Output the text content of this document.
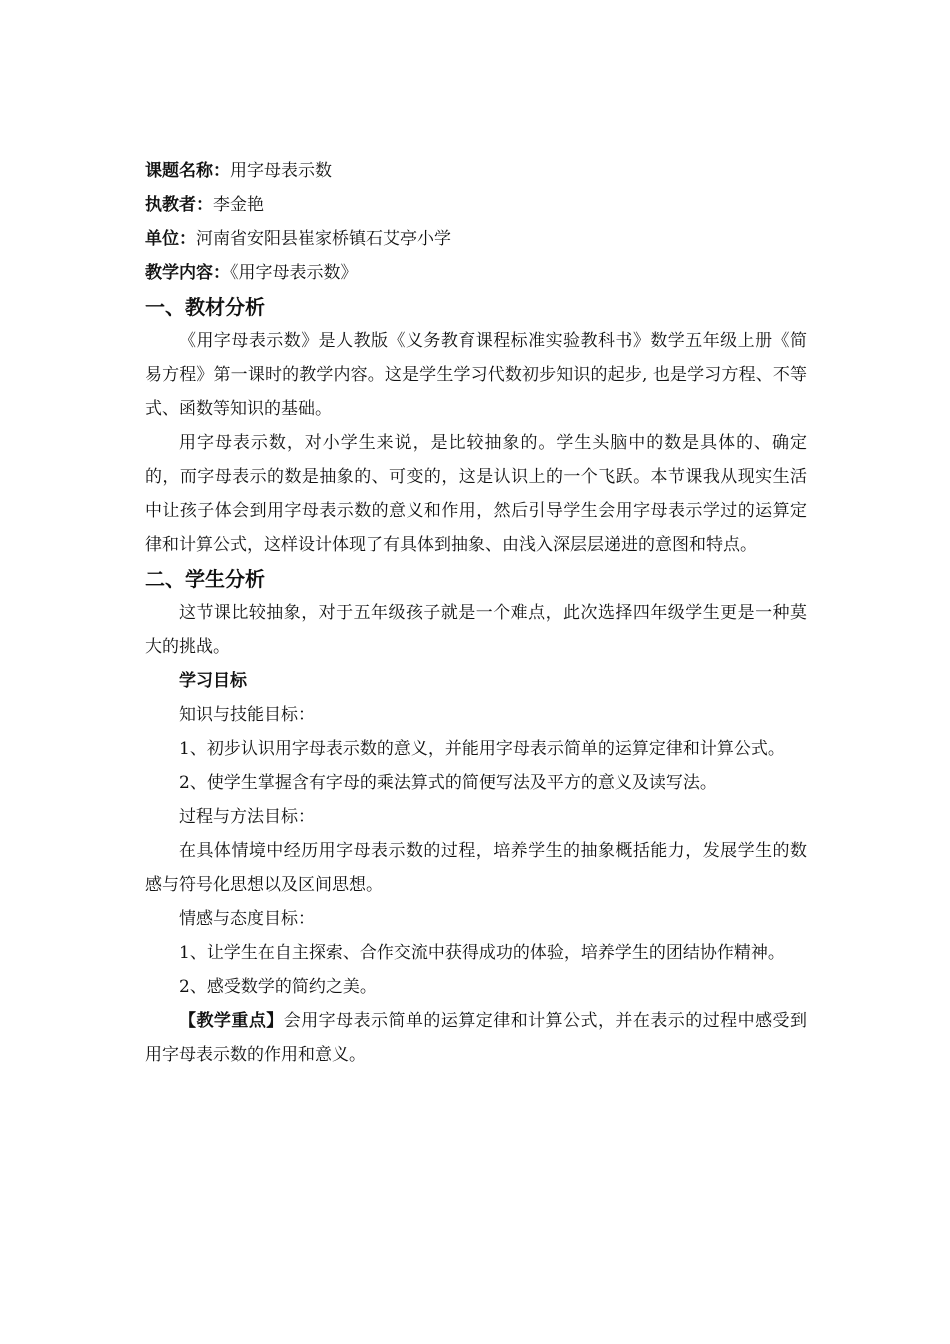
课题名称：用字母表示数
执教者：李金艳
单位：河南省安阳县崔家桥镇石艾亭小学
教学内容：《用字母表示数》
一、教材分析

《用字母表示数》是人教版《义务教育课程标准实验教科书》数学五年级上册《简易方程》第一课时的教学内容。这是学生学习代数初步知识的起步, 也是学习方程、不等式、函数等知识的基础。

用字母表示数，对小学生来说，是比较抽象的。学生头脑中的数是具体的、确定的，而字母表示的数是抽象的、可变的，这是认识上的一个飞跃。本节课我从现实生活中让孩子体会到用字母表示数的意义和作用，然后引导学生会用字母表示学过的运算定律和计算公式，这样设计体现了有具体到抽象、由浅入深层层递进的意图和特点。

二、学生分析

这节课比较抽象，对于五年级孩子就是一个难点，此次选择四年级学生更是一种莫大的挑战。

学习目标

知识与技能目标：

1、初步认识用字母表示数的意义，并能用字母表示简单的运算定律和计算公式。

2、使学生掌握含有字母的乘法算式的简便写法及平方的意义及读写法。

过程与方法目标：

在具体情境中经历用字母表示数的过程，培养学生的抽象概括能力，发展学生的数感与符号化思想以及区间思想。

情感与态度目标：

1、让学生在自主探索、合作交流中获得成功的体验，培养学生的团结协作精神。

2、感受数学的简约之美。

【教学重点】会用字母表示简单的运算定律和计算公式，并在表示的过程中感受到用字母表示数的作用和意义。
